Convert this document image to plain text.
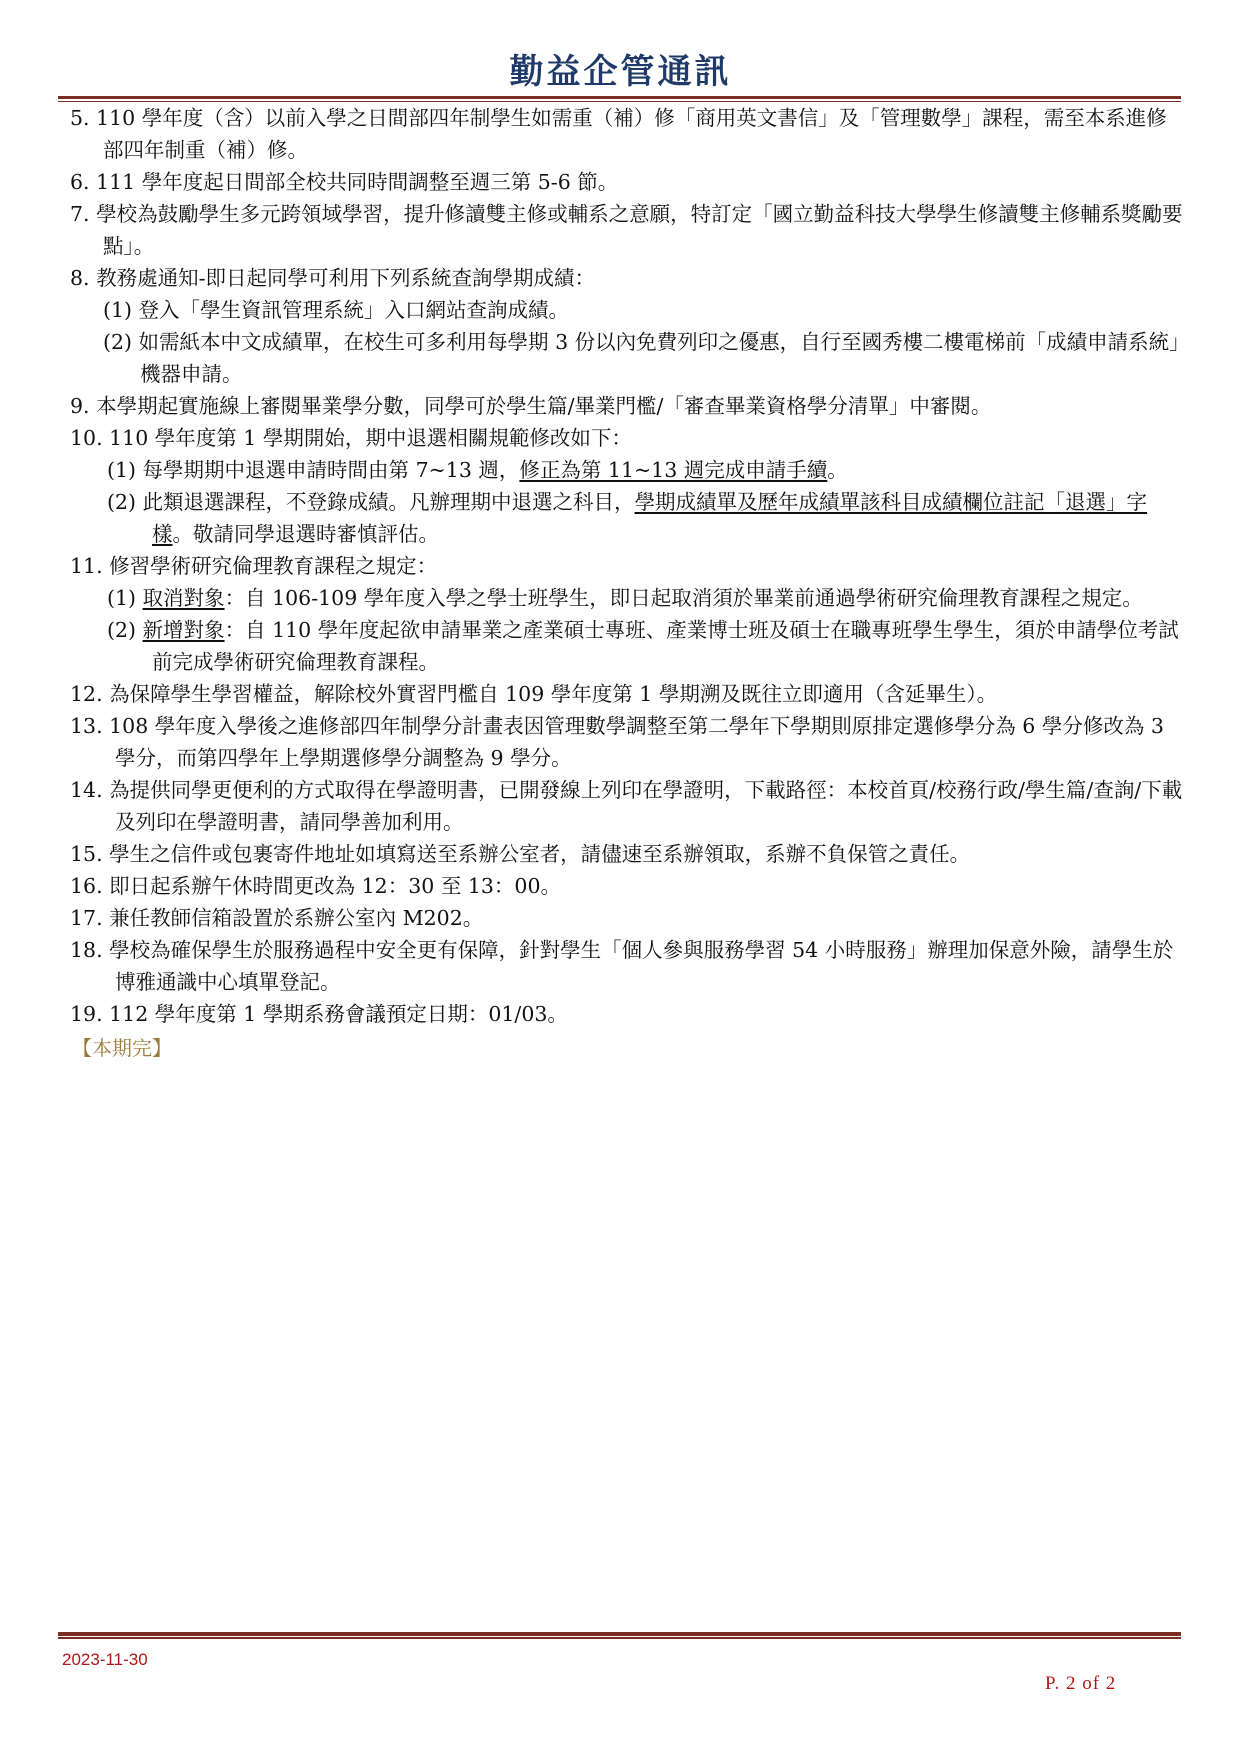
勤益企管通訊
5. 110 學年度（含）以前入學之日間部四年制學生如需重（補）修「商用英文書信」及「管理數學」課程，需至本系進修部四年制重（補）修。
6. 111 學年度起日間部全校共同時間調整至週三第 5-6 節。
7. 學校為鼓勵學生多元跨領域學習，提升修讀雙主修或輔系之意願，特訂定「國立勤益科技大學學生修讀雙主修輔系獎勵要點」。
8. 教務處通知-即日起同學可利用下列系統查詢學期成績：
(1) 登入「學生資訊管理系統」入口網站查詢成績。
(2) 如需紙本中文成績單，在校生可多利用每學期 3 份以內免費列印之優惠，自行至國秀樓二樓電梯前「成績申請系統」機器申請。
9. 本學期起實施線上審閱畢業學分數，同學可於學生篇/畢業門檻/「審查畢業資格學分清單」中審閱。
10. 110 學年度第 1 學期開始，期中退選相關規範修改如下：
(1) 每學期期中退選申請時間由第 7~13 週，修正為第 11~13 週完成申請手續。
(2) 此類退選課程，不登錄成績。凡辦理期中退選之科目，學期成績單及歷年成績單該科目成績欄位註記「退選」字樣。敬請同學退選時審慎評估。
11. 修習學術研究倫理教育課程之規定：
(1) 取消對象：自 106-109 學年度入學之學士班學生，即日起取消須於畢業前通過學術研究倫理教育課程之規定。
(2) 新增對象：自 110 學年度起欲申請畢業之產業碩士專班、產業博士班及碩士在職專班學生學生，須於申請學位考試前完成學術研究倫理教育課程。
12. 為保障學生學習權益，解除校外實習門檻自 109 學年度第 1 學期溯及既往立即適用（含延畢生）。
13. 108 學年度入學後之進修部四年制學分計畫表因管理數學調整至第二學年下學期則原排定選修學分為 6 學分修改為 3 學分，而第四學年上學期選修學分調整為 9 學分。
14. 為提供同學更便利的方式取得在學證明書，已開發線上列印在學證明，下載路徑：本校首頁/校務行政/學生篇/查詢/下載及列印在學證明書，請同學善加利用。
15. 學生之信件或包裹寄件地址如填寫送至系辦公室者，請儘速至系辦領取，系辦不負保管之責任。
16. 即日起系辦午休時間更改為 12：30 至 13：00。
17. 兼任教師信箱設置於系辦公室內 M202。
18. 學校為確保學生於服務過程中安全更有保障，針對學生「個人參與服務學習 54 小時服務」辦理加保意外險，請學生於博雅通識中心填單登記。
19. 112 學年度第 1 學期系務會議預定日期：01/03。
【本期完】
2023-11-30
P. 2 of 2
